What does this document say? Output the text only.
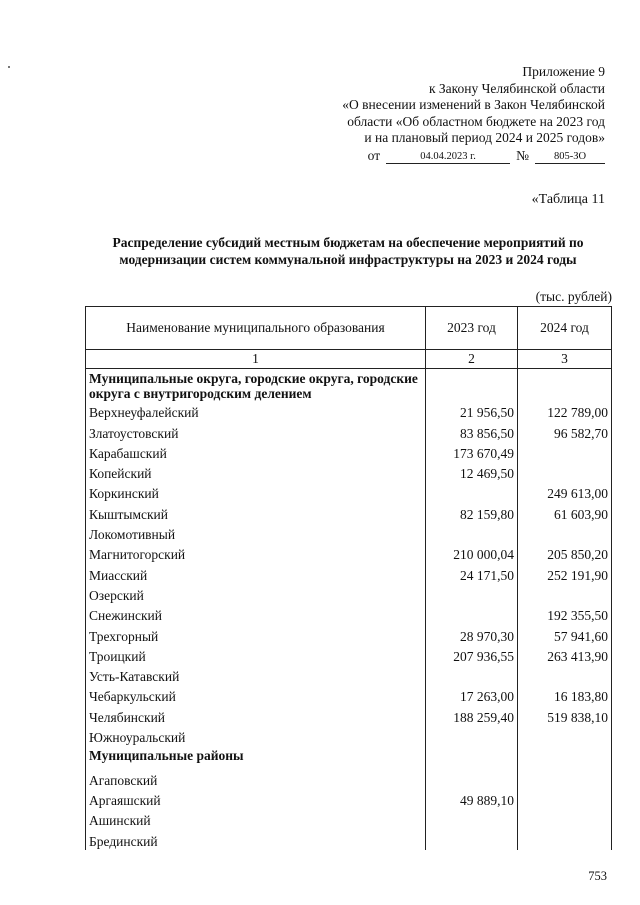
Приложение 9
к Закону Челябинской области
«О внесении изменений в Закон Челябинской
области «Об областном бюджете на 2023 год
и на плановый период 2024 и 2025 годов»
от	04.04.2023 г.	№	805-ЗО
«Таблица 11
Распределение субсидий местным бюджетам на обеспечение мероприятий по модернизации систем коммунальной инфраструктуры на 2023 и 2024 годы
(тыс. рублей)
Наименование муниципального образования	2023 год	2024 год
1	2	3
Муниципальные округа, городские округа, городские округа с внутригородским делением		
Верхнеуфалейский	21 956,50	122 789,00
Златоустовский	83 856,50	96 582,70
Карабашский	173 670,49	
Копейский	12 469,50	
Коркинский		249 613,00
Кыштымский	82 159,80	61 603,90
Локомотивный		
Магнитогорский	210 000,04	205 850,20
Миасский	24 171,50	252 191,90
Озерский		
Снежинский		192 355,50
Трехгорный	28 970,30	57 941,60
Троицкий	207 936,55	263 413,90
Усть-Катавский		
Чебаркульский	17 263,00	16 183,80
Челябинский	188 259,40	519 838,10
Южноуральский		
Муниципальные районы		
Агаповский		
Аргаяшский	49 889,10	
Ашинский		
Брединский		
753
